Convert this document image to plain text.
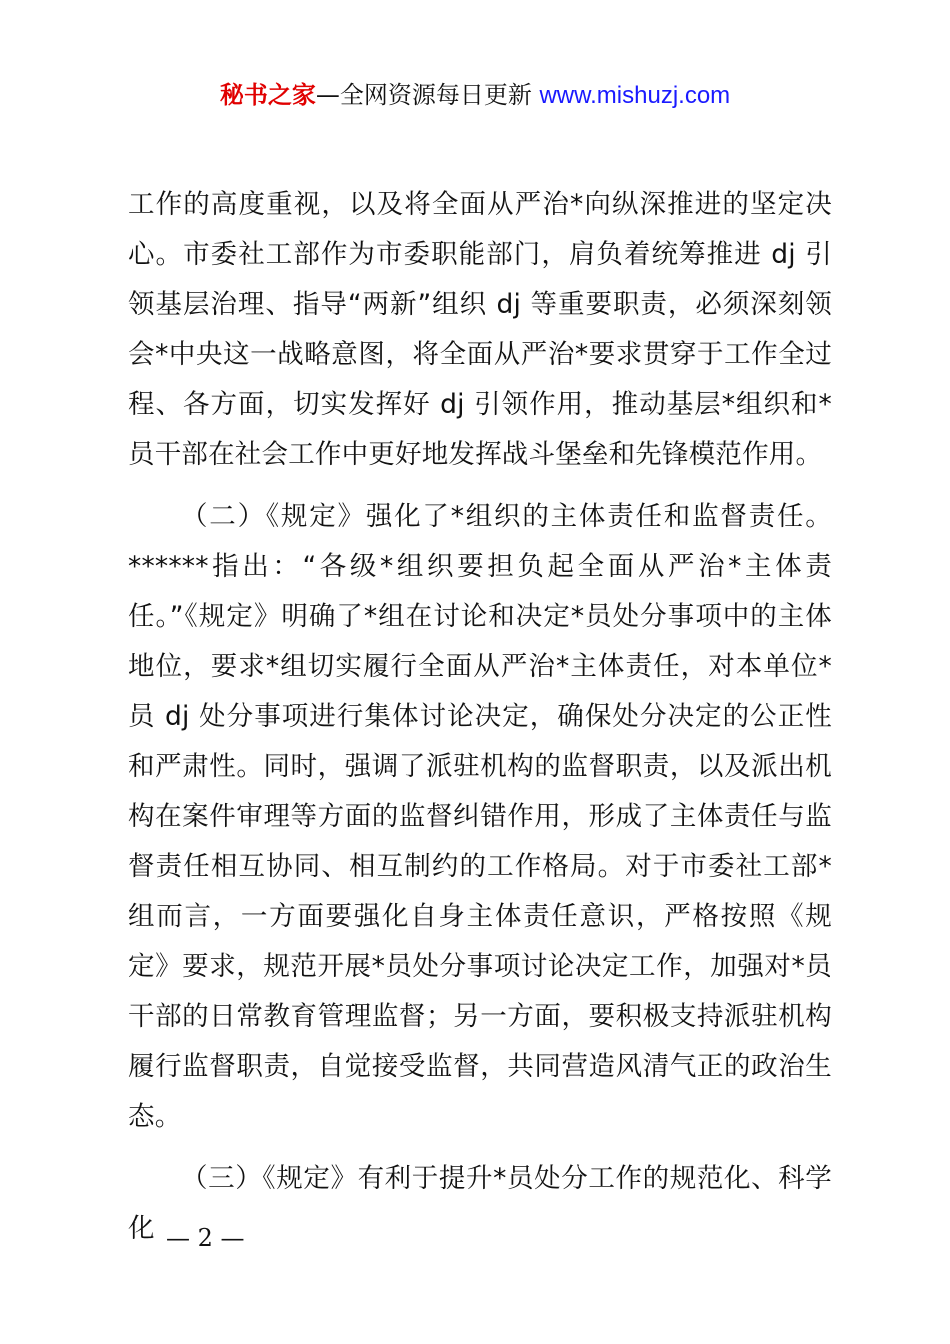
秘书之家—全网资源每日更新 www.mishuzj.com

工作的高度重视，以及将全面从严治*向纵深推进的坚定决心。市委社工部作为市委职能部门，肩负着统筹推进 dj 引领基层治理、指导“两新”组织 dj 等重要职责，必须深刻领会*中央这一战略意图，将全面从严治*要求贯穿于工作全过程、各方面，切实发挥好 dj 引领作用，推动基层*组织和*员干部在社会工作中更好地发挥战斗堡垒和先锋模范作用。

（二）《规定》强化了*组织的主体责任和监督责任。******指出：“各级*组织要担负起全面从严治*主体责任。”《规定》明确了*组在讨论和决定*员处分事项中的主体地位，要求*组切实履行全面从严治*主体责任，对本单位*员 dj 处分事项进行集体讨论决定，确保处分决定的公正性和严肃性。同时，强调了派驻机构的监督职责，以及派出机构在案件审理等方面的监督纠错作用，形成了主体责任与监督责任相互协同、相互制约的工作格局。对于市委社工部*组而言，一方面要强化自身主体责任意识，严格按照《规定》要求，规范开展*员处分事项讨论决定工作，加强对*员干部的日常教育管理监督；另一方面，要积极支持派驻机构履行监督职责，自觉接受监督，共同营造风清气正的政治生态。

（三）《规定》有利于提升*员处分工作的规范化、科学化 — 2 —
